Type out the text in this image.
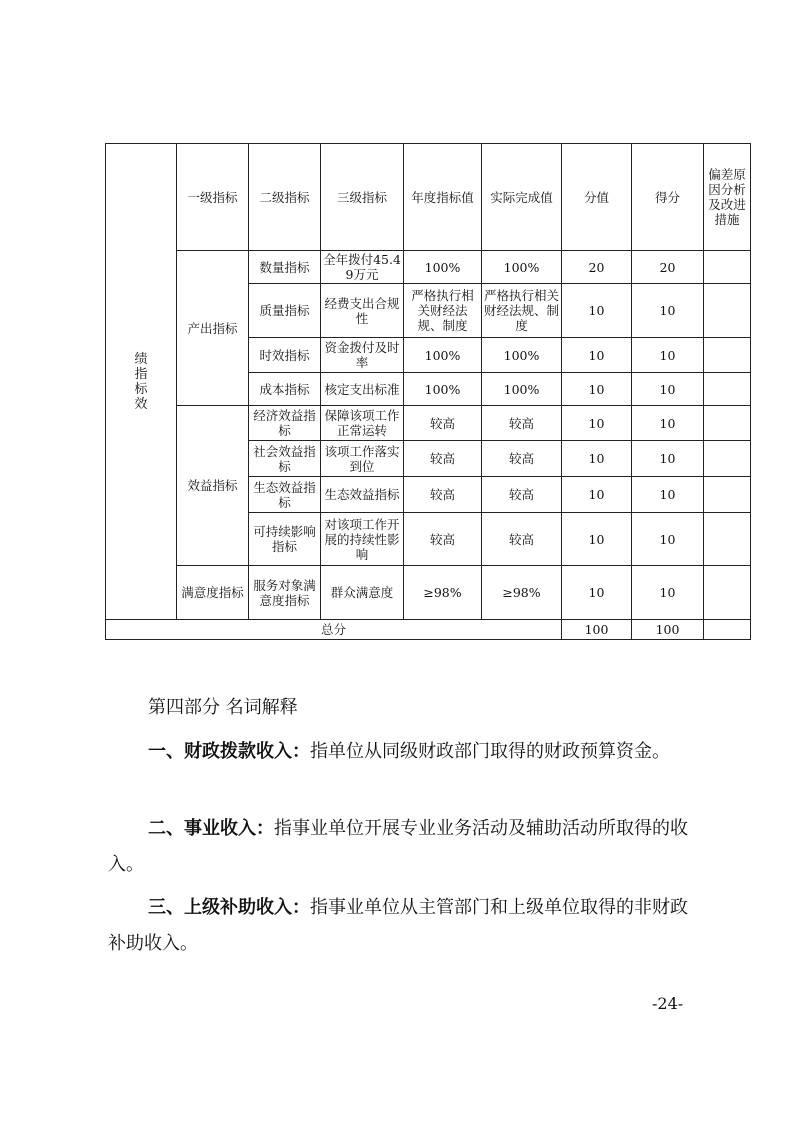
绩
指
标
效	一级指标	二级指标	三级指标	年度指标值	实际完成值	分值	得分	偏差原因分析及改进措施
	产出指标	数量指标	全年拨付45.49万元	100%	100%	20	20	
		质量指标	经费支出合规性	严格执行相关财经法规、制度	严格执行相关财经法规、制度	10	10	
		时效指标	资金拨付及时率	100%	100%	10	10	
		成本指标	核定支出标准	100%	100%	10	10	
	效益指标	经济效益指标	保障该项工作正常运转	较高	较高	10	10	
		社会效益指标	该项工作落实到位	较高	较高	10	10	
		生态效益指标	生态效益指标	较高	较高	10	10	
		可持续影响指标	对该项工作开展的持续性影响	较高	较高	10	10	
	满意度指标	服务对象满意度指标	群众满意度	≥98%	≥98%	10	10	
总分						100	100	
第四部分 名词解释

一、财政拨款收入：指单位从同级财政部门取得的财政预算资金。

二、事业收入：指事业单位开展专业业务活动及辅助活动所取得的收入。

三、上级补助收入：指事业单位从主管部门和上级单位取得的非财政补助收入。

-24-
